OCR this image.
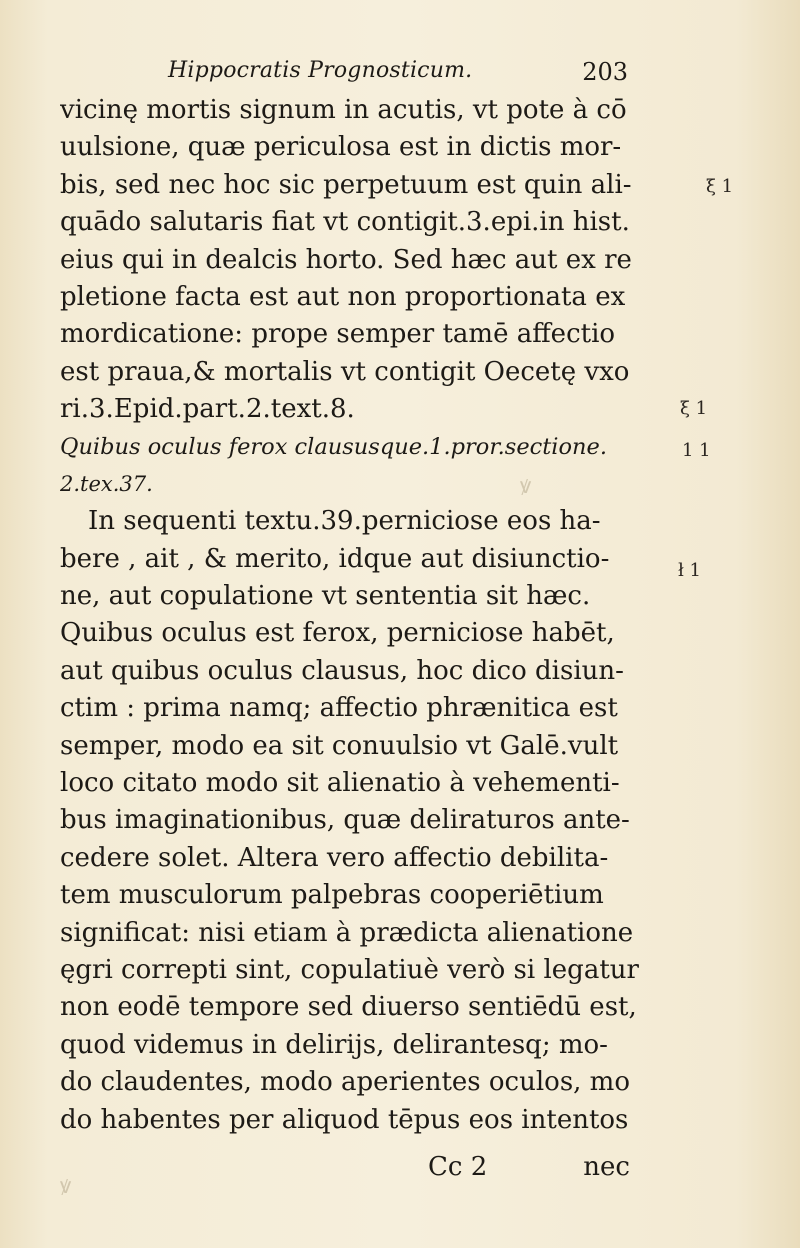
ꝟ
ꝟ
Hippocratis Prognosticum.	203
vicinę mortis signum in acutis, vt pote à cō
uulsione, quæ periculosa est in dictis mor-
bis, sed nec hoc sic perpetuum est quin ali-
quādo salutaris fiat vt contigit.3.epi.in hist.
eius qui in dealcis horto. Sed hæc aut ex re
pletione facta est aut non proportionata ex
mordicatione: prope semper tamē affectio
est praua,& mortalis vt contigit Oecetę vxo
ri.3.Epid.part.2.text.8.
Quibus oculus ferox claususque.1.pror.sectione.
2.tex.37.
In sequenti textu.39.perniciose eos ha-
bere , ait , & merito, idque aut disiunctio-
ne, aut copulatione vt sententia sit hæc.
Quibus oculus est ferox, perniciose habēt,
aut quibus oculus clausus, hoc dico disiun-
ctim : prima namq; affectio phrænitica est
semper, modo ea sit conuulsio vt Galē.vult
loco citato modo sit alienatio à vehementi-
bus imaginationibus, quæ deliraturos ante-
cedere solet. Altera vero affectio debilita-
tem musculorum palpebras cooperiētium
significat: nisi etiam à prædicta alienatione
ęgri correpti sint, copulatiuè verò si legatur
non eodē tempore sed diuerso sentiēdū est,
quod videmus in delirijs, delirantesq; mo-
do claudentes, modo aperientes oculos, mo
do habentes per aliquod tēpus eos intentos
ξ 1
ξ 1
1 1
ł 1
Cc 2	nec
